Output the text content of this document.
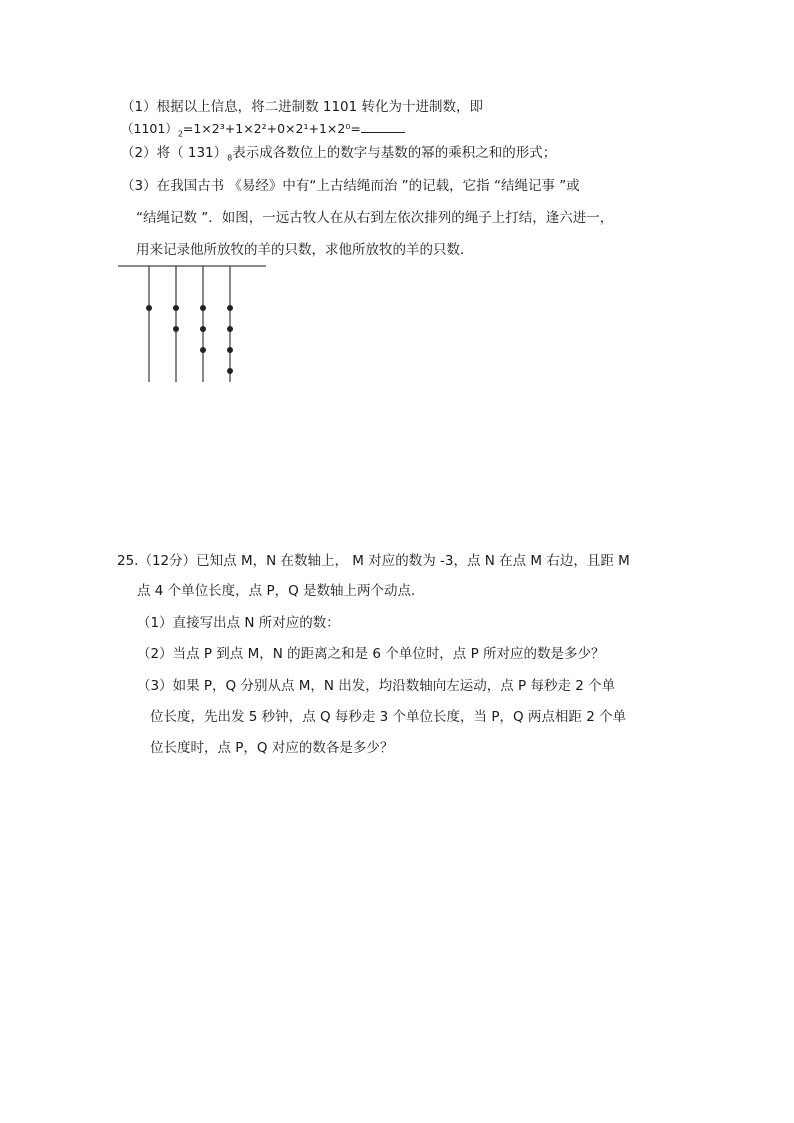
（1）根据以上信息，将二进制数 1101 转化为十进制数，即
$(1101)_2=1\times 2^3+1\times 2^2+0\times 2^1+1\times 2^0=$
（2）将（ $131)_8$表示成各数位上的数字与基数的幂的乘积之和的形式；
（3）在我国古书 《易经》中有“上古结绳而治 ”的记载，它指 “结绳记事 ”或
“结绳记数 ”．如图，一远古牧人在从右到左依次排列的绳子上打结，逢六进一，
用来记录他所放牧的羊的只数，求他所放牧的羊的只数．
25.（12分）已知点 M，N 在数轴上， M 对应的数为 -3，点 N 在点 M 右边，且距 M
点 4 个单位长度，点 P，Q 是数轴上两个动点．
（1）直接写出点 N 所对应的数：
（2）当点 P 到点 M，N 的距离之和是 6 个单位时，点 P 所对应的数是多少？
（3）如果 P，Q 分别从点 M，N 出发，均沿数轴向左运动，点 P 每秒走 2 个单
位长度，先出发 5 秒钟，点 Q 每秒走 3 个单位长度，当 P，Q 两点相距 2 个单
位长度时，点 P，Q 对应的数各是多少？
